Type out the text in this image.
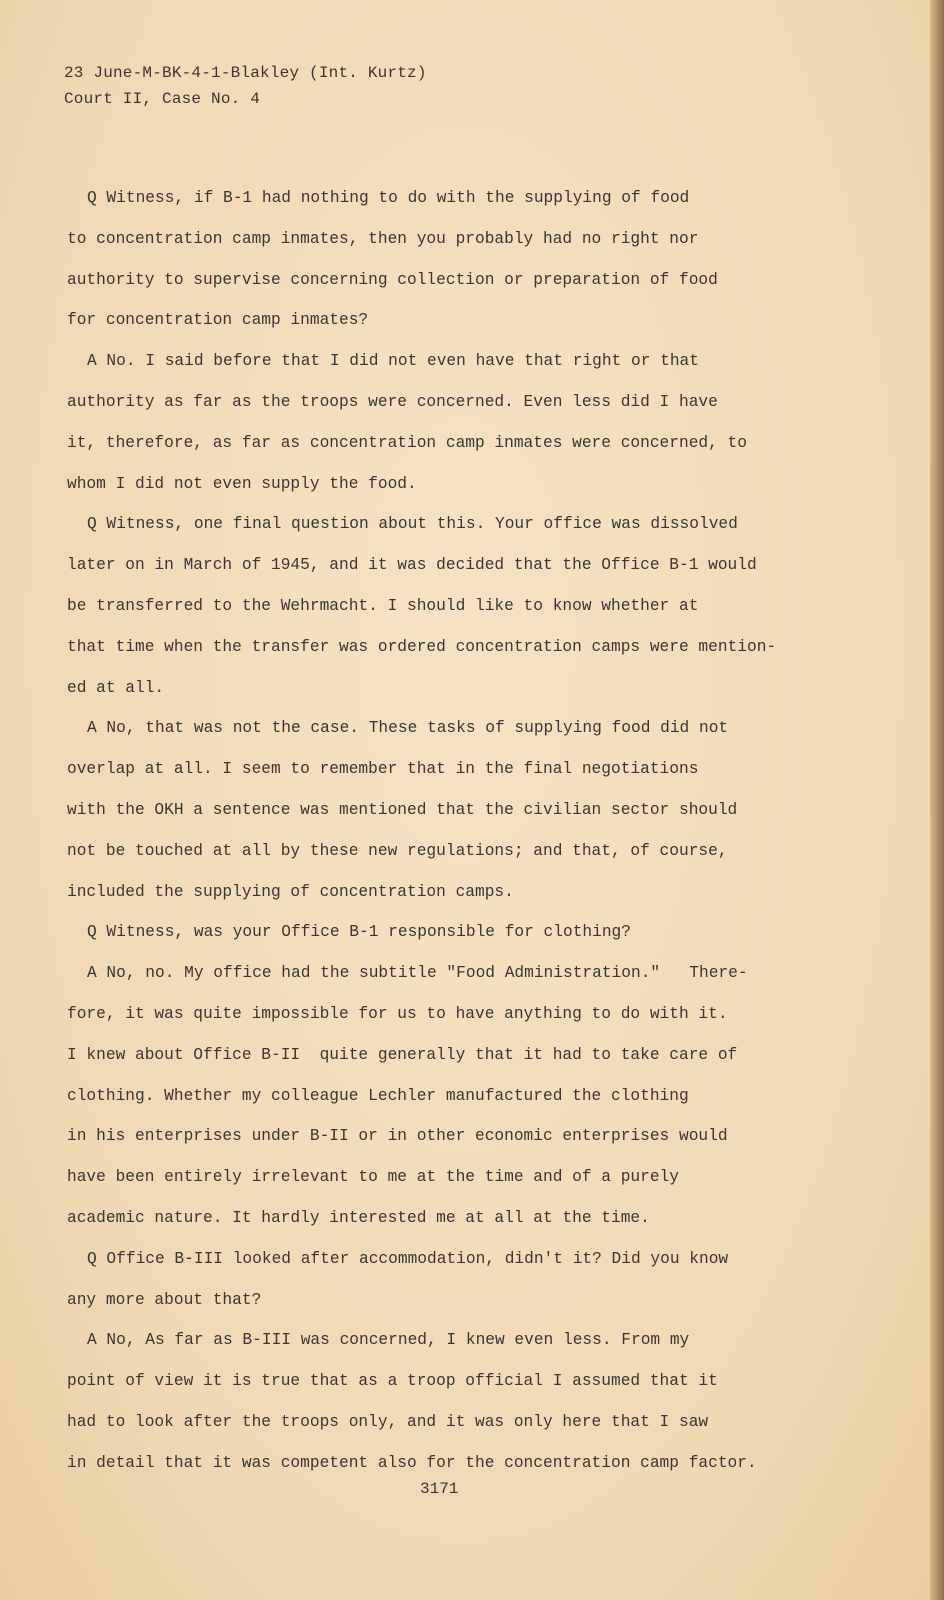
23 June-M-BK-4-1-Blakley (Int. Kurtz)
Court II, Case No. 4
Q Witness, if B-1 had nothing to do with the supplying of food
to concentration camp inmates, then you probably had no right nor
authority to supervise concerning collection or preparation of food
for concentration camp inmates?
A No. I said before that I did not even have that right or that
authority as far as the troops were concerned. Even less did I have
it, therefore, as far as concentration camp inmates were concerned, to
whom I did not even supply the food.
Q Witness, one final question about this. Your office was dissolved
later on in March of 1945, and it was decided that the Office B-1 would
be transferred to the Wehrmacht. I should like to know whether at
that time when the transfer was ordered concentration camps were mention-
ed at all.
A No, that was not the case. These tasks of supplying food did not
overlap at all. I seem to remember that in the final negotiations
with the OKH a sentence was mentioned that the civilian sector should
not be touched at all by these new regulations; and that, of course,
included the supplying of concentration camps.
Q Witness, was your Office B-1 responsible for clothing?
A No, no. My office had the subtitle "Food Administration."   There-
fore, it was quite impossible for us to have anything to do with it.
I knew about Office B-II  quite generally that it had to take care of
clothing. Whether my colleague Lechler manufactured the clothing
in his enterprises under B-II or in other economic enterprises would
have been entirely irrelevant to me at the time and of a purely
academic nature. It hardly interested me at all at the time.
Q Office B-III looked after accommodation, didn't it? Did you know
any more about that?
A No, As far as B-III was concerned, I knew even less. From my
point of view it is true that as a troop official I assumed that it
had to look after the troops only, and it was only here that I saw
in detail that it was competent also for the concentration camp factor.
3171
